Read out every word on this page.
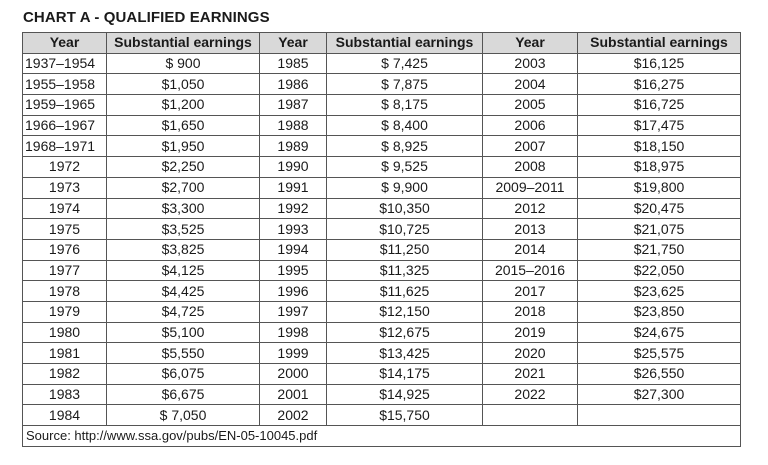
CHART A - QUALIFIED EARNINGS
Year	Substantial earnings	Year	Substantial earnings	Year	Substantial earnings
1937–1954	$ 900	1985	$ 7,425	2003	$16,125
1955–1958	$1,050	1986	$ 7,875	2004	$16,275
1959–1965	$1,200	1987	$ 8,175	2005	$16,725
1966–1967	$1,650	1988	$ 8,400	2006	$17,475
1968–1971	$1,950	1989	$ 8,925	2007	$18,150
1972	$2,250	1990	$ 9,525	2008	$18,975
1973	$2,700	1991	$ 9,900	2009–2011	$19,800
1974	$3,300	1992	$10,350	2012	$20,475
1975	$3,525	1993	$10,725	2013	$21,075
1976	$3,825	1994	$11,250	2014	$21,750
1977	$4,125	1995	$11,325	2015–2016	$22,050
1978	$4,425	1996	$11,625	2017	$23,625
1979	$4,725	1997	$12,150	2018	$23,850
1980	$5,100	1998	$12,675	2019	$24,675
1981	$5,550	1999	$13,425	2020	$25,575
1982	$6,075	2000	$14,175	2021	$26,550
1983	$6,675	2001	$14,925	2022	$27,300
1984	$ 7,050	2002	$15,750		
Source: http://www.ssa.gov/pubs/EN-05-10045.pdf					
